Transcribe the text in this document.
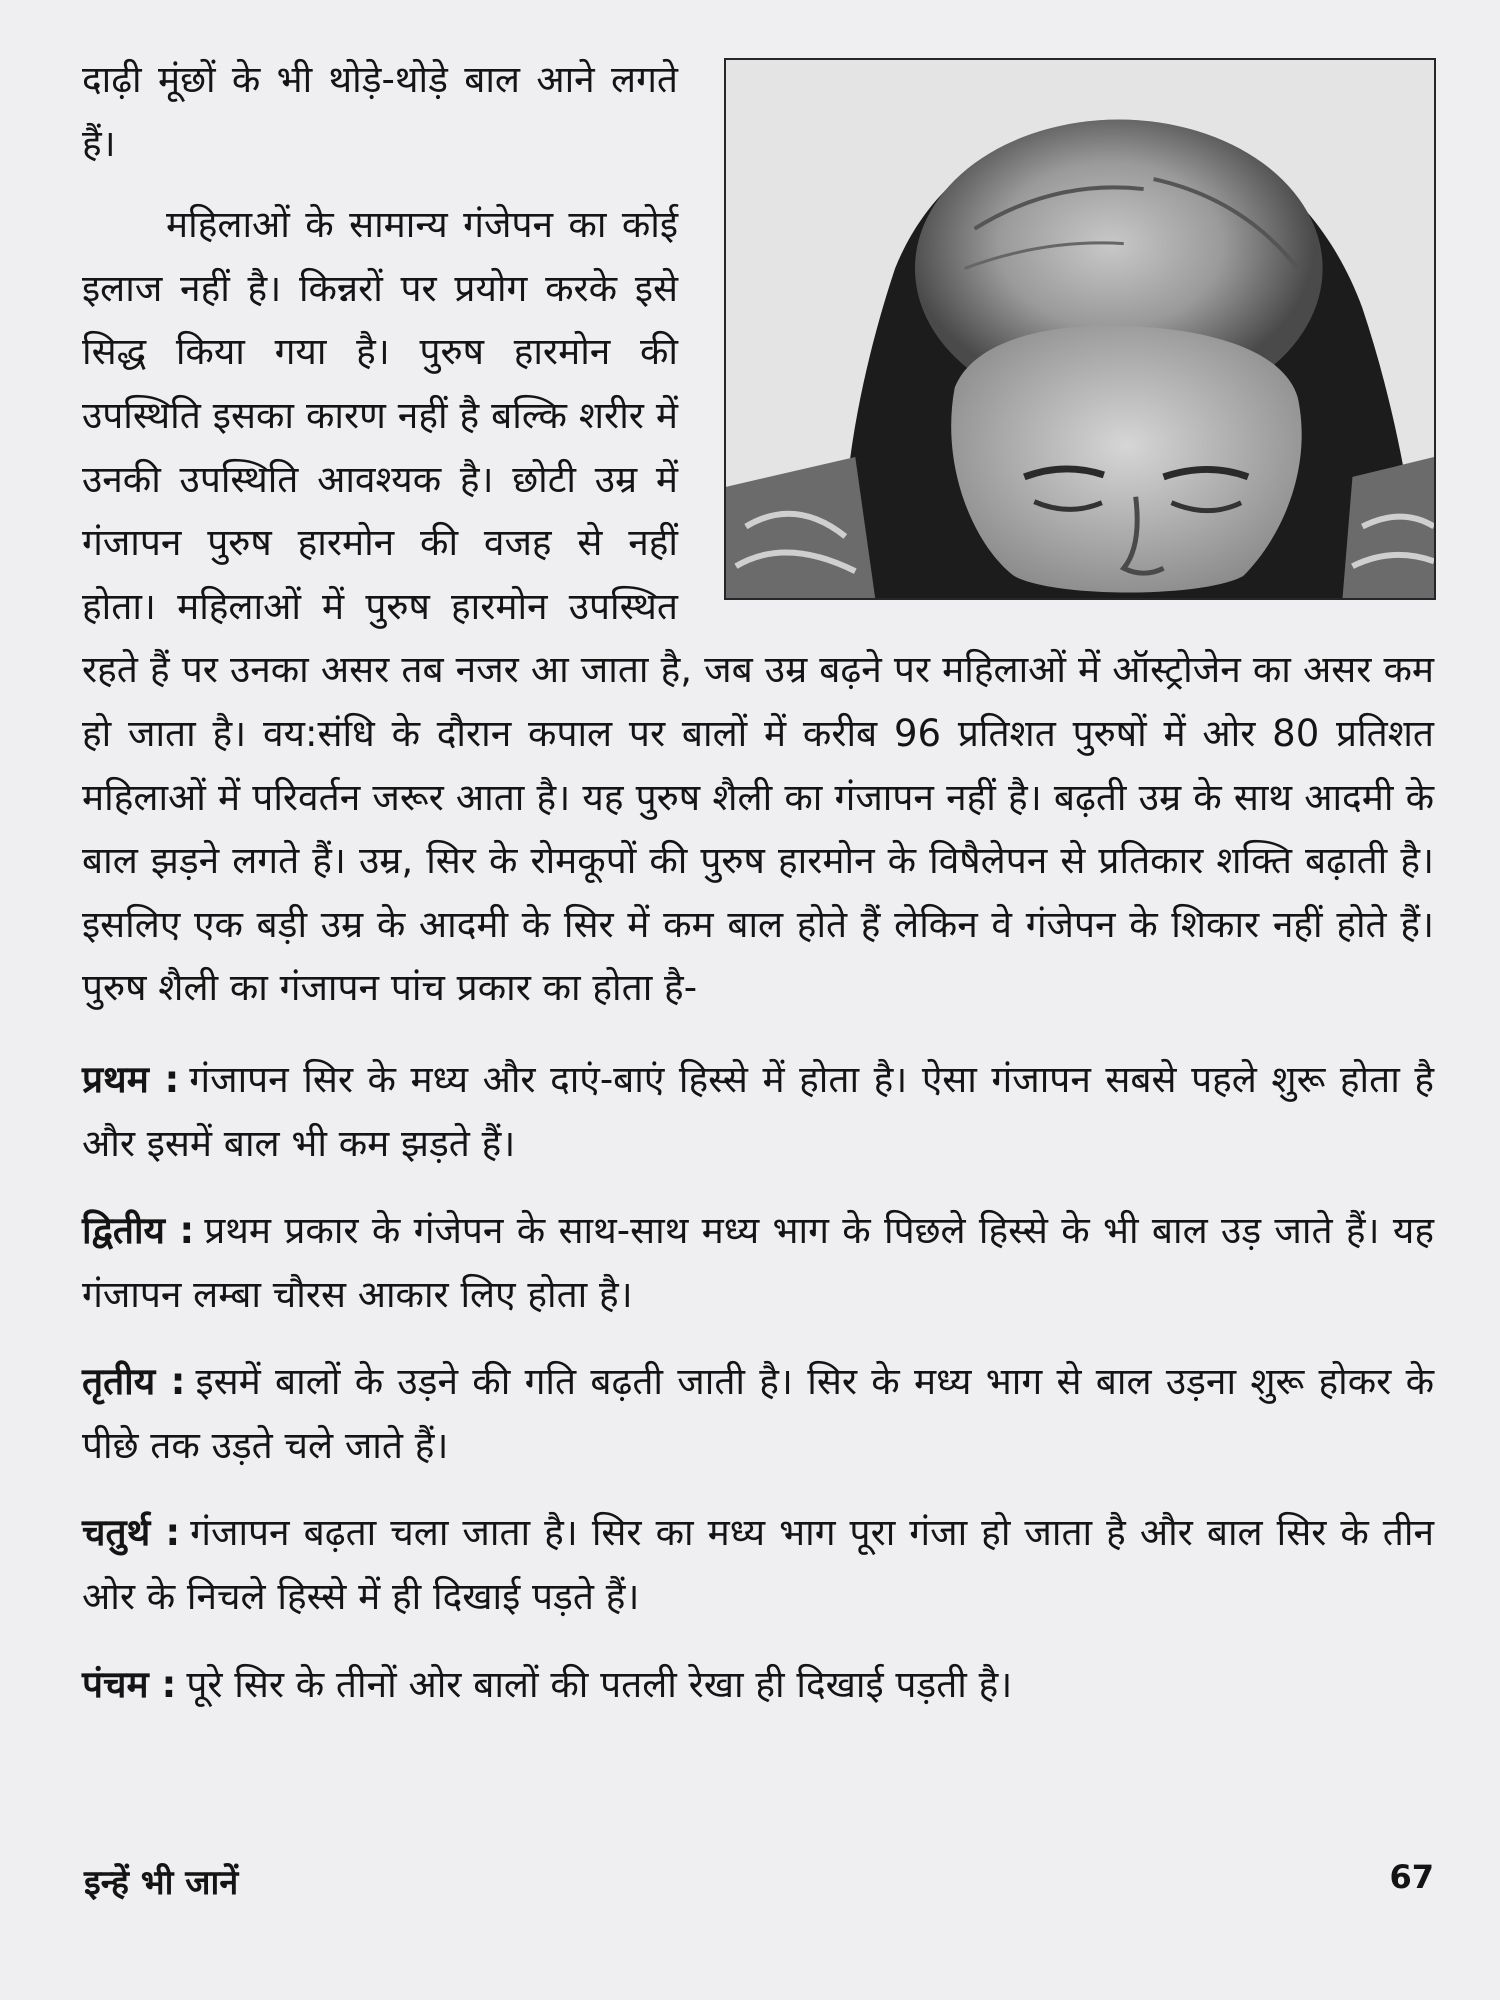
दाढ़ी मूंछों के भी थोड़े-थोड़े बाल आने लगते हैं।

महिलाओं के सामान्य गंजेपन का कोई इलाज नहीं है। किन्नरों पर प्रयोग करके इसे सिद्ध किया गया है। पुरुष हारमोन की उपस्थिति इसका कारण नहीं है बल्कि शरीर में उनकी उपस्थिति आवश्यक है। छोटी उम्र में गंजापन पुरुष हारमोन की वजह से नहीं होता। महिलाओं में पुरुष हारमोन उपस्थित रहते हैं पर उनका असर तब नजर आ जाता है, जब उम्र बढ़ने पर महिलाओं में ऑस्ट्रोजेन का असर कम हो जाता है। वय:संधि के दौरान कपाल पर बालों में करीब 96 प्रतिशत पुरुषों में ओर 80 प्रतिशत महिलाओं में परिवर्तन जरूर आता है। यह पुरुष शैली का गंजापन नहीं है। बढ़ती उम्र के साथ आदमी के बाल झड़ने लगते हैं। उम्र, सिर के रोमकूपों की पुरुष हारमोन के विषैलेपन से प्रतिकार शक्ति बढ़ाती है। इसलिए एक बड़ी उम्र के आदमी के सिर में कम बाल होते हैं लेकिन वे गंजेपन के शिकार नहीं होते हैं। पुरुष शैली का गंजापन पांच प्रकार का होता है-

प्रथम : गंजापन सिर के मध्य और दाएं-बाएं हिस्से में होता है। ऐसा गंजापन सबसे पहले शुरू होता है और इसमें बाल भी कम झड़ते हैं।

द्वितीय : प्रथम प्रकार के गंजेपन के साथ-साथ मध्य भाग के पिछले हिस्से के भी बाल उड़ जाते हैं। यह गंजापन लम्बा चौरस आकार लिए होता है।

तृतीय : इसमें बालों के उड़ने की गति बढ़ती जाती है। सिर के मध्य भाग से बाल उड़ना शुरू होकर के पीछे तक उड़ते चले जाते हैं।

चतुर्थ : गंजापन बढ़ता चला जाता है। सिर का मध्य भाग पूरा गंजा हो जाता है और बाल सिर के तीन ओर के निचले हिस्से में ही दिखाई पड़ते हैं।

पंचम : पूरे सिर के तीनों ओर बालों की पतली रेखा ही दिखाई पड़ती है।

इन्हें भी जानें	67
